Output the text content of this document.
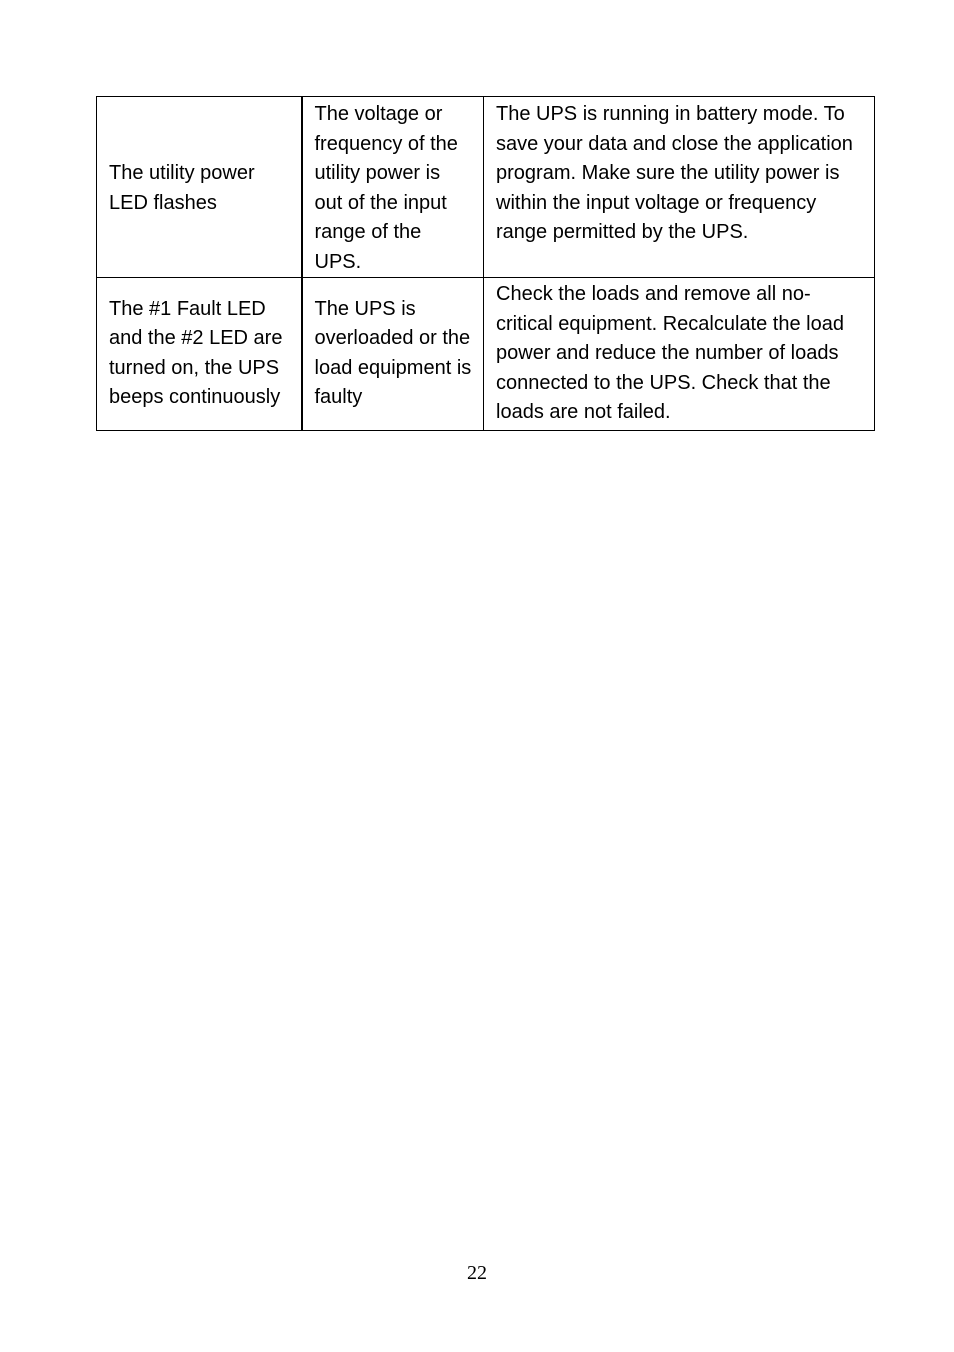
The utility power LED flashes	The voltage or frequency of the utility power is out of the input range of the UPS.	The UPS is running in battery mode. To save your data and close the application program. Make sure the utility power is within the input voltage or frequency range permitted by the UPS.
The #1 Fault LED and the #2 LED are turned on, the UPS beeps continuously	The UPS is overloaded or the load equipment is faulty	Check the loads and remove all no-critical equipment. Recalculate the load power and reduce the number of loads connected to the UPS. Check that the loads are not failed.
22
